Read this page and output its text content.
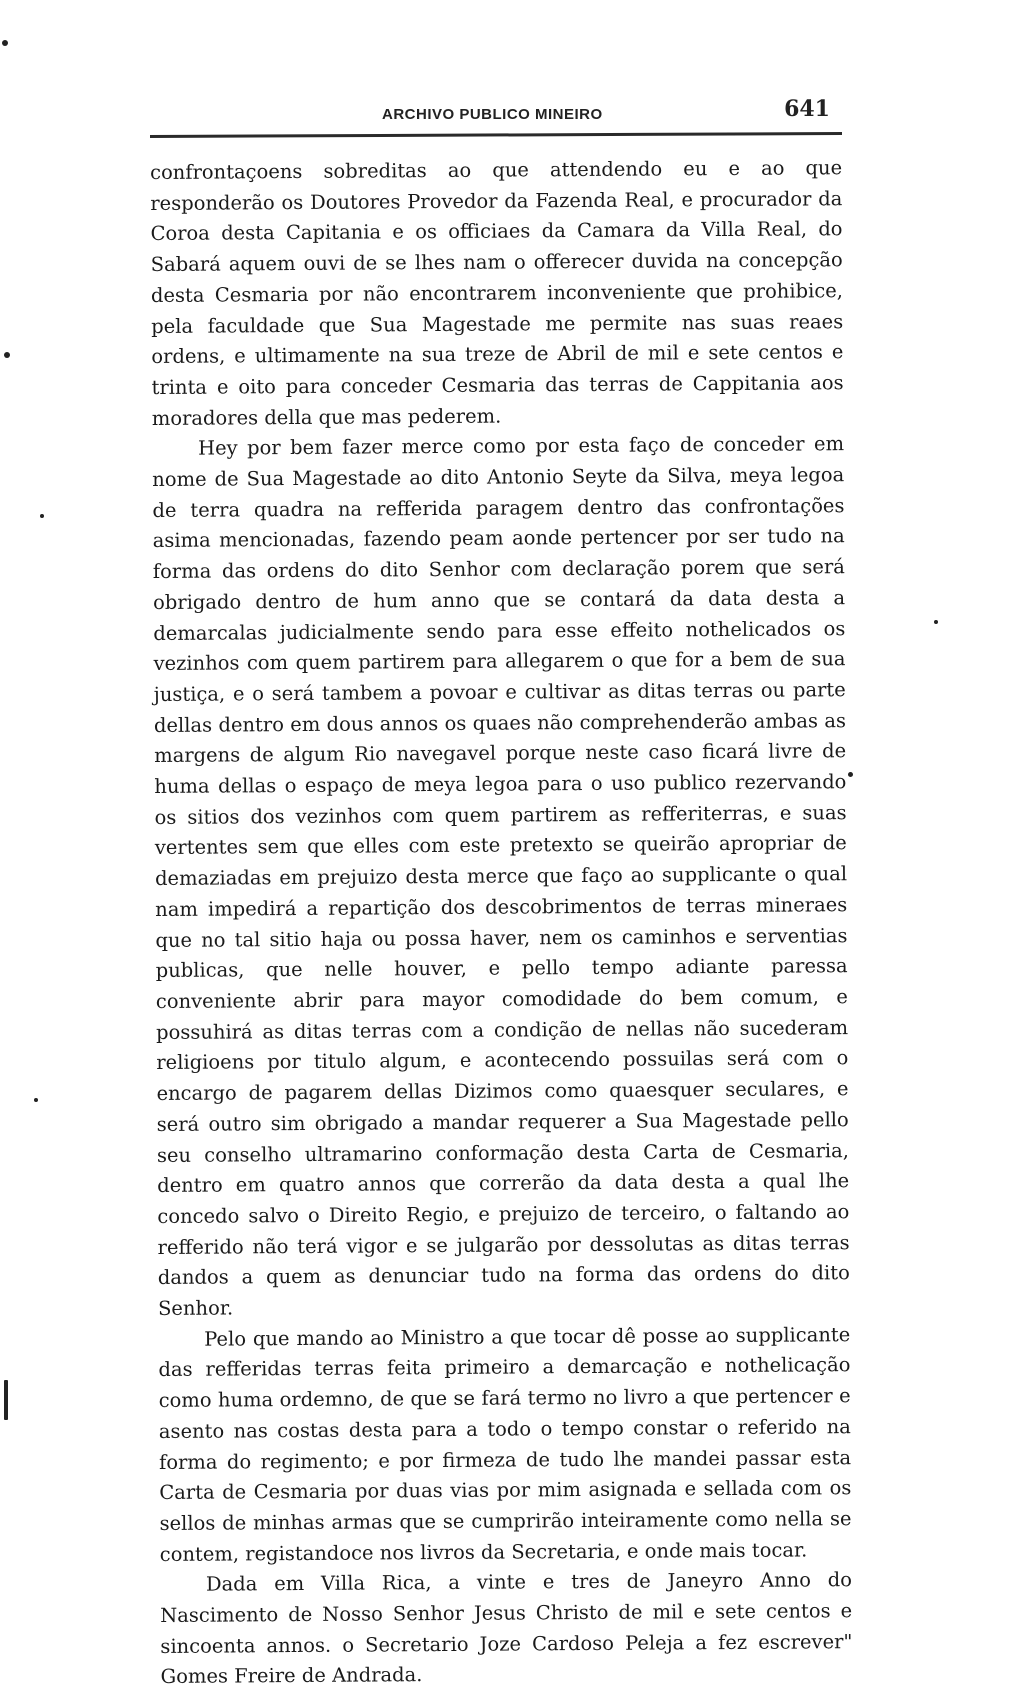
ARCHIVO PUBLICO MINEIRO	641

confrontaçoens sobreditas ao que attendendo eu e ao que responderão os Doutores Provedor da Fazenda Real, e procurador da Coroa desta Capitania e os officiaes da Camara da Villa Real, do Sabará aquem ouvi de se lhes nam o offerecer duvida na concepção desta Cesmaria por não encontrarem inconveniente que prohibice, pela faculdade que Sua Magestade me permite nas suas reaes ordens, e ultimamente na sua treze de Abril de mil e sete centos e trinta e oito para conceder Cesmaria das terras de Cappitania aos moradores della que mas pederem.

Hey por bem fazer merce como por esta faço de conceder em nome de Sua Magestade ao dito Antonio Seyte da Silva, meya legoa de terra quadra na refferida paragem dentro das confrontações asima mencionadas, fazendo peam aonde pertencer por ser tudo na forma das ordens do dito Senhor com declaração porem que será obrigado dentro de hum anno que se contará da data desta a demarcalas judicialmente sendo para esse effeito nothelicados os vezinhos com quem partirem para allegarem o que for a bem de sua justiça, e o será tambem a povoar e cultivar as ditas terras ou parte dellas dentro em dous annos os quaes não comprehenderão ambas as margens de algum Rio navegavel porque neste caso ficará livre de huma dellas o espaço de meya legoa para o uso publico rezervando os sitios dos vezinhos com quem partirem as refferiterras, e suas vertentes sem que elles com este pretexto se queirão apropriar de demaziadas em prejuizo desta merce que faço ao supplicante o qual nam impedirá a repartição dos descobrimentos de terras mineraes que no tal sitio haja ou possa haver, nem os caminhos e serventias publicas, que nelle houver, e pello tempo adiante paressa conveniente abrir para mayor comodidade do bem comum, e possuhirá as ditas terras com a condição de nellas não sucederam religioens por titulo algum, e acontecendo possuilas será com o encargo de pagarem dellas Dizimos como quaesquer seculares, e será outro sim obrigado a mandar requerer a Sua Magestade pello seu conselho ultramarino conformação desta Carta de Cesmaria, dentro em quatro annos que correrão da data desta a qual lhe concedo salvo o Direito Regio, e prejuizo de terceiro, o faltando ao refferido não terá vigor e se julgarão por dessolutas as ditas terras dandos a quem as denunciar tudo na forma das ordens do dito Senhor.

Pelo que mando ao Ministro a que tocar dê posse ao supplicante das refferidas terras feita primeiro a demarcação e nothelicação como huma ordemno, de que se fará termo no livro a que pertencer e asento nas costas desta para a todo o tempo constar o referido na forma do regimento; e por firmeza de tudo lhe mandei passar esta Carta de Cesmaria por duas vias por mim asignada e sellada com os sellos de minhas armas que se cumprirão inteiramente como nella se contem, registandoce nos livros da Secretaria, e onde mais tocar.

Dada em Villa Rica, a vinte e tres de Janeyro Anno do Nascimento de Nosso Senhor Jesus Christo de mil e sete centos e sincoenta annos. o Secretario Joze Cardoso Peleja a fez escrever" Gomes Freire de Andrada.
